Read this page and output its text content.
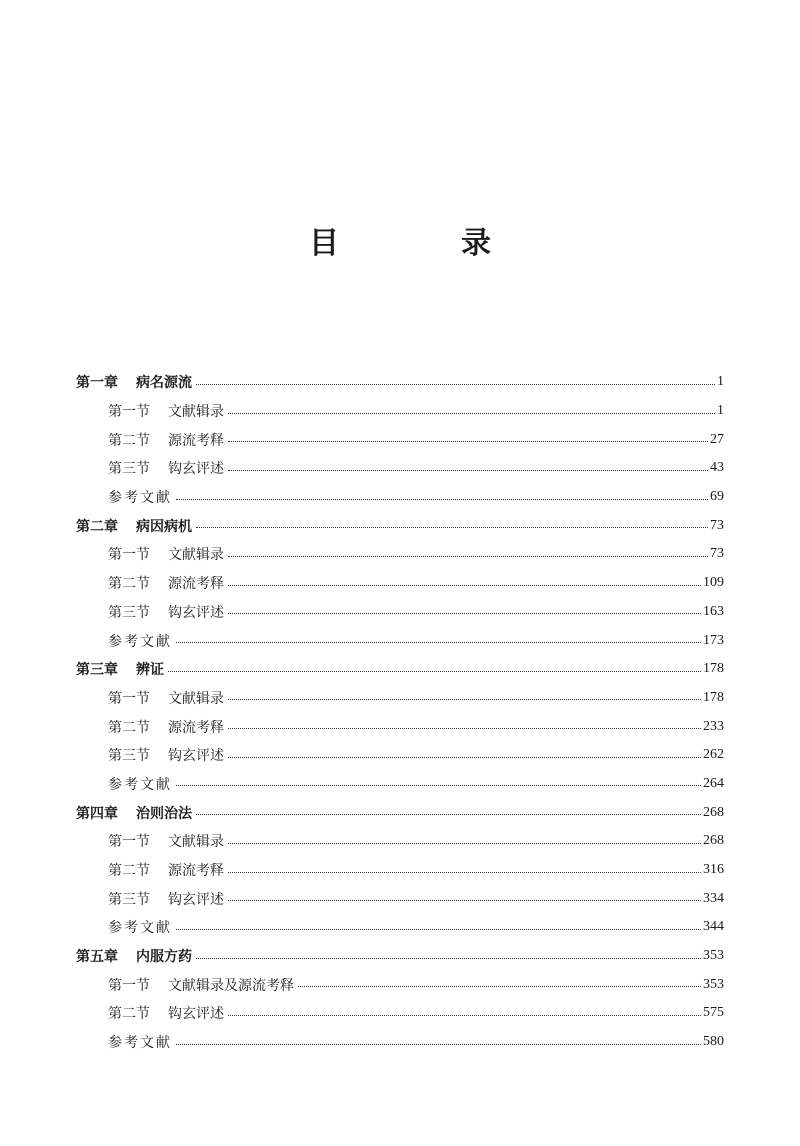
目　录
第一章 病名源流	1
第一节 文献辑录	1
第二节 源流考释	27
第三节 钩玄评述	43
参考文献	69
第二章 病因病机	73
第一节 文献辑录	73
第二节 源流考释	109
第三节 钩玄评述	163
参考文献	173
第三章 辨证	178
第一节 文献辑录	178
第二节 源流考释	233
第三节 钩玄评述	262
参考文献	264
第四章 治则治法	268
第一节 文献辑录	268
第二节 源流考释	316
第三节 钩玄评述	334
参考文献	344
第五章 内服方药	353
第一节 文献辑录及源流考释	353
第二节 钩玄评述	575
参考文献	580
